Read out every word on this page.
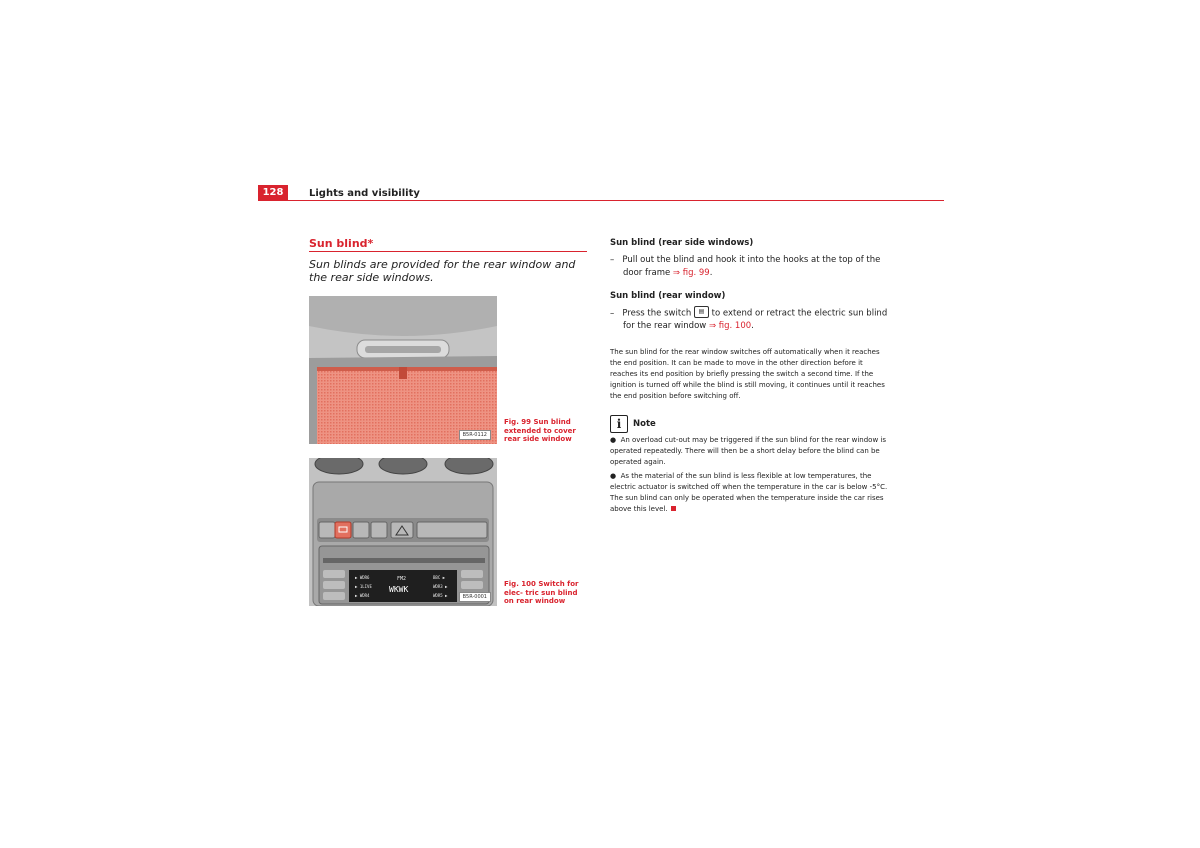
128	Lights and visibility
Sun blind*
Sun blinds are provided for the rear window and the rear side windows.
B5R-0112
Fig. 99 Sun blind extended to cover rear side window
▶ WDR6
▶ 1LIVE
▶ WDR4
FM2
WKWK
BBC ▶
WDR3 ▶
WDR5 ▶	B5R-0001
Fig. 100 Switch for elec- tric sun blind on rear window
Sun blind (rear side windows)
– Pull out the blind and hook it into the hooks at the top of the door frame ⇒ fig. 99.
Sun blind (rear window)
– Press the switch ▤ to extend or retract the electric sun blind for the rear window ⇒ fig. 100.
The sun blind for the rear window switches off automatically when it reaches the end position. It can be made to move in the other direction before it reaches its end position by briefly pressing the switch a second time. If the ignition is turned off while the blind is still moving, it continues until it reaches the end position before switching off.
i Note
● An overload cut-out may be triggered if the sun blind for the rear window is operated repeatedly. There will then be a short delay before the blind can be operated again.
● As the material of the sun blind is less flexible at low temperatures, the electric actuator is switched off when the temperature in the car is below -5°C. The sun blind can only be operated when the temperature inside the car rises above this level.
